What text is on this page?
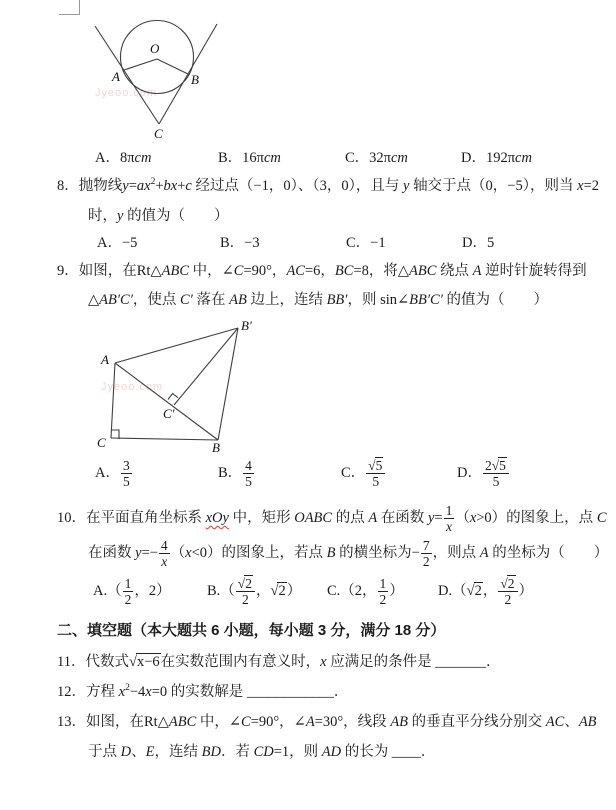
Jyeoo.com
O
A	B
C
A．8πcm	B．16πcm	C．32πcm	D．192πcm
8．抛物线$y=ax^2+bx+c$ 经过点（−1，0）、（3，0），且与 y 轴交于点（0，−5），则当 x=2
时，y 的值为（　　）
A．−5	B．−3	C．−1	D．5
9．如图，在Rt△ABC 中，∠C=90°，AC=6，BC=8，将△ABC 绕点 A 逆时针旋转得到
△AB′C′，使点 C′ 落在 AB 边上，连结 BB′，则 sin∠BB′C′ 的值为（　　）
Jyeoo.com
A
C	B
B′
C′
A． $\frac{3}{5}$	B． $\frac{4}{5}$	C． $\frac{√5}{5}$	D． $\frac{2√5}{5}$
10．在平面直角坐标系 xOy 中，矩形 OABC 的点 A 在函数 $y= \frac{1}{x} (x>0)$的图象上，点 C
在函数 $y=- \frac{4}{x} (x<0)$的图象上，若点 B 的横坐标为− $\frac{7}{2}$ ，则点 A 的坐标为（　　）
$A.( \frac{1}{2}$ ，2）	$B.( \frac{√2}{2}$ ，√2） C.（2， $\frac{1}{2}$ ） D.（√2， $\frac{√2}{2}$ ）
二、填空题（本大题共 6 小题，每小题 3 分，满分 18 分）
11．代数式√x−6在实数范围内有意义时，x 应满足的条件是 _______．
12．方程 $x^2-4x=0$ 的实数解是 ____________．
13．如图，在Rt△ABC 中，∠C=90°，∠A=30°，线段 AB 的垂直平分线分别交 AC、AB
于点 D、E，连结 BD．若 CD=1，则 AD 的长为 ____．
